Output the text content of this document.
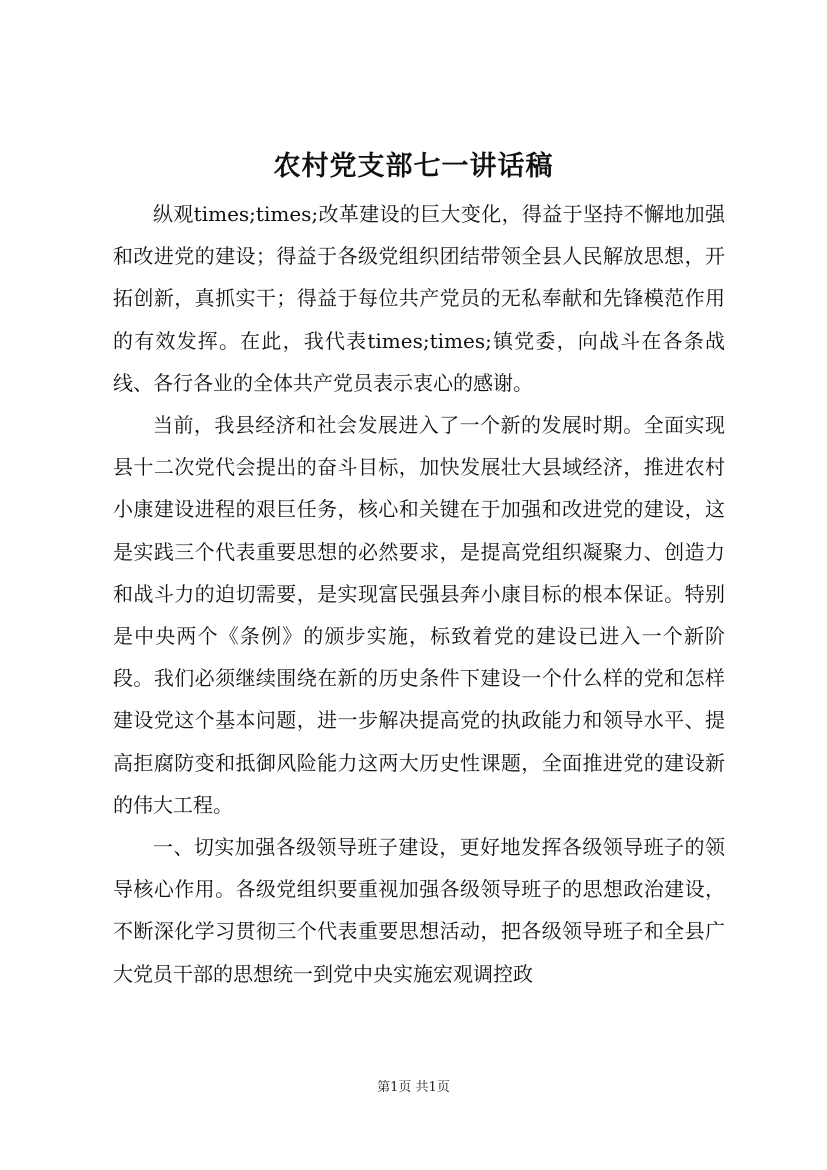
农村党支部七一讲话稿

纵观times;times;改革建设的巨大变化，得益于坚持不懈地加强和改进党的建设；得益于各级党组织团结带领全县人民解放思想，开拓创新，真抓实干；得益于每位共产党员的无私奉献和先锋模范作用的有效发挥。在此，我代表times;times;镇党委，向战斗在各条战线、各行各业的全体共产党员表示衷心的感谢。

当前，我县经济和社会发展进入了一个新的发展时期。全面实现县十二次党代会提出的奋斗目标，加快发展壮大县域经济，推进农村小康建设进程的艰巨任务，核心和关键在于加强和改进党的建设，这是实践三个代表重要思想的必然要求，是提高党组织凝聚力、创造力和战斗力的迫切需要，是实现富民强县奔小康目标的根本保证。特别是中央两个《条例》的颁步实施，标致着党的建设已进入一个新阶段。我们必须继续围绕在新的历史条件下建设一个什么样的党和怎样建设党这个基本问题，进一步解决提高党的执政能力和领导水平、提高拒腐防变和抵御风险能力这两大历史性课题，全面推进党的建设新的伟大工程。

一、切实加强各级领导班子建设，更好地发挥各级领导班子的领导核心作用。各级党组织要重视加强各级领导班子的思想政治建设，不断深化学习贯彻三个代表重要思想活动，把各级领导班子和全县广大党员干部的思想统一到党中央实施宏观调控政

第1页 共1页
